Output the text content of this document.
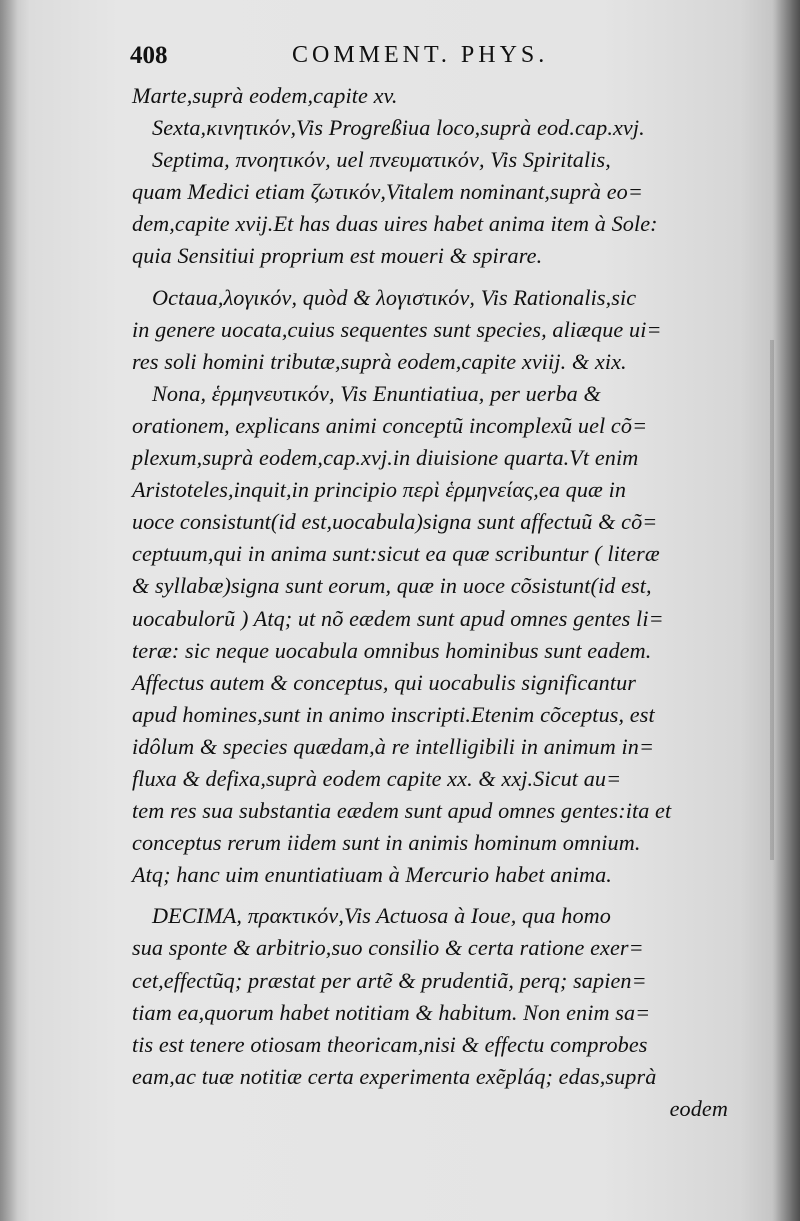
408	COMMENT. PHYS.
Marte,suprà eodem,capite xv.
Sexta,κινητικόν,Vis Progreßiua loco,suprà eod.cap.xvj.
Septima, πνοητικόν, uel πνευματικόν, Vis Spiritalis,
quam Medici etiam ζωτικόν,Vitalem nominant,suprà eo=
dem,capite xvij.Et has duas uires habet anima item à Sole:
quia Sensitiui proprium est moueri & spirare.
Octaua,λογικόν, quòd & λογιστικόν, Vis Rationalis,sic
in genere uocata,cuius sequentes sunt species, aliæque ui=
res soli homini tributæ,suprà eodem,capite xviij. & xix.
Nona, ἑρμηνευτικόν, Vis Enuntiatiua, per uerba &
orationem, explicans animi conceptũ incomplexũ uel cõ=
plexum,suprà eodem,cap.xvj.in diuisione quarta.Vt enim
Aristoteles,inquit,in principio περὶ ἑρμηνείας,ea quæ in
uoce consistunt(id est,uocabula)signa sunt affectuũ & cõ=
ceptuum,qui in anima sunt:sicut ea quæ scribuntur ( literæ
& syllabæ)signa sunt eorum, quæ in uoce cõsistunt(id est,
uocabulorũ ) Atq; ut nõ eædem sunt apud omnes gentes li=
teræ: sic neque uocabula omnibus hominibus sunt eadem.
Affectus autem & conceptus, qui uocabulis significantur
apud homines,sunt in animo inscripti.Etenim cõceptus, est
idôlum & species quædam,à re intelligibili in animum in=
fluxa & defixa,suprà eodem capite xx. & xxj.Sicut au=
tem res sua substantia eædem sunt apud omnes gentes:ita et
conceptus rerum iidem sunt in animis hominum omnium.
Atq; hanc uim enuntiatiuam à Mercurio habet anima.
DECIMA, πρακτικόν,Vis Actuosa à Ioue, qua homo
sua sponte & arbitrio,suo consilio & certa ratione exer=
cet,effectũq; præstat per artẽ & prudentiã, perq; sapien=
tiam ea,quorum habet notitiam & habitum. Non enim sa=
tis est tenere otiosam theoricam,nisi & effectu comprobes
eam,ac tuæ notitiæ certa experimenta exẽpláq; edas,suprà
eodem
